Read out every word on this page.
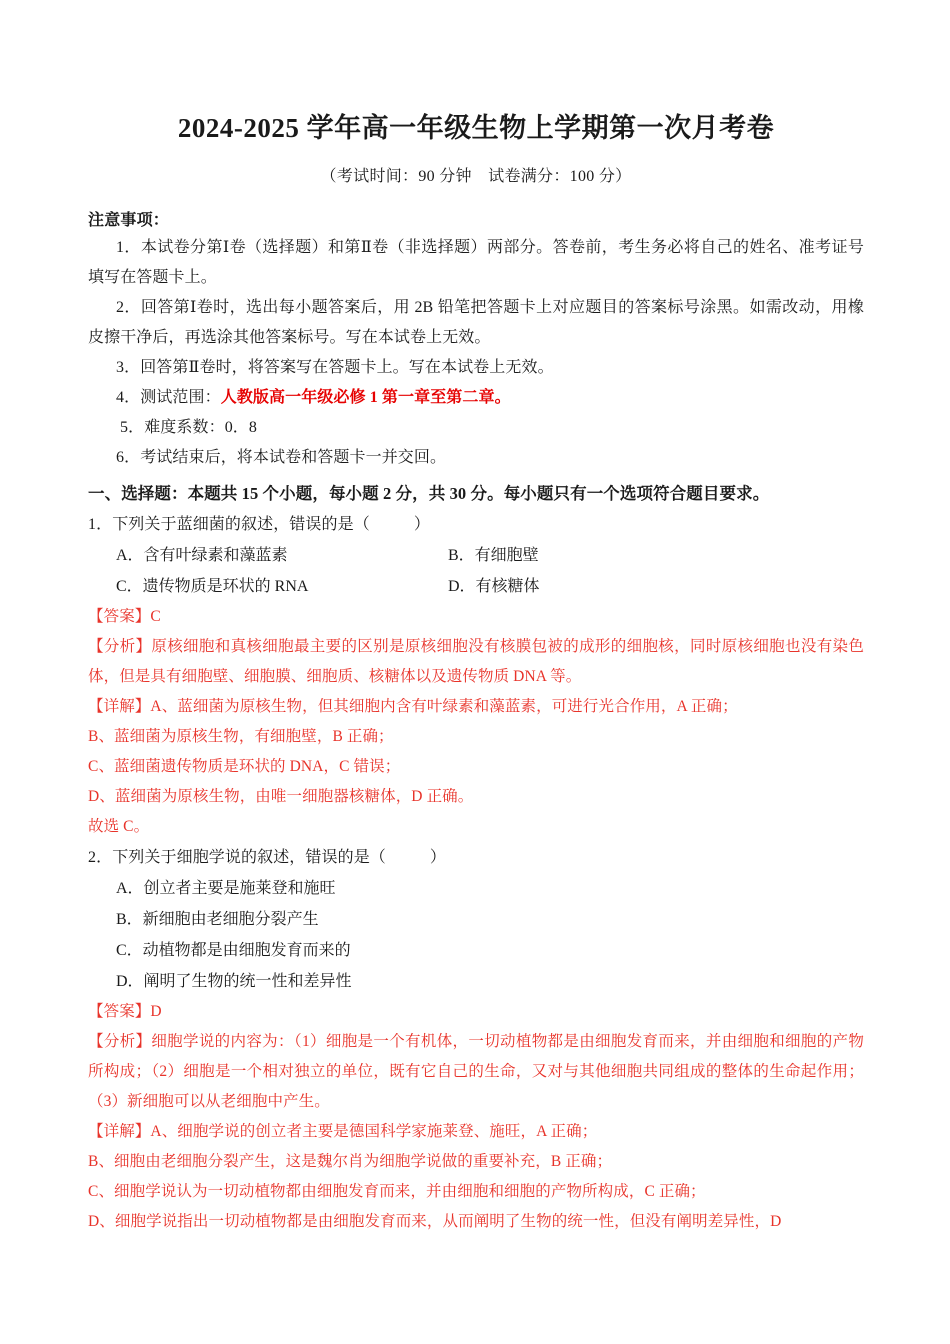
2024-2025 学年高一年级生物上学期第一次月考卷

（考试时间：90 分钟　试卷满分：100 分）

注意事项：

1．本试卷分第Ⅰ卷（选择题）和第Ⅱ卷（非选择题）两部分。答卷前，考生务必将自己的姓名、准考证号填写在答题卡上。

2．回答第Ⅰ卷时，选出每小题答案后，用 2B 铅笔把答题卡上对应题目的答案标号涂黑。如需改动，用橡皮擦干净后，再选涂其他答案标号。写在本试卷上无效。

3．回答第Ⅱ卷时，将答案写在答题卡上。写在本试卷上无效。

4．测试范围：人教版高一年级必修 1 第一章至第二章。

5．难度系数：0．8

6．考试结束后，将本试卷和答题卡一并交回。

一、选择题：本题共 15 个小题，每小题 2 分，共 30 分。每小题只有一个选项符合题目要求。

1．下列关于蓝细菌的叙述，错误的是（	）

A．含有叶绿素和藻蓝素	B．有细胞壁
C．遗传物质是环状的 RNA	D．有核糖体

【答案】C

【分析】原核细胞和真核细胞最主要的区别是原核细胞没有核膜包被的成形的细胞核，同时原核细胞也没有染色体，但是具有细胞壁、细胞膜、细胞质、核糖体以及遗传物质 DNA 等。

【详解】A、蓝细菌为原核生物，但其细胞内含有叶绿素和藻蓝素，可进行光合作用，A 正确；

B、蓝细菌为原核生物，有细胞壁，B 正确；

C、蓝细菌遗传物质是环状的 DNA，C 错误；

D、蓝细菌为原核生物，由唯一细胞器核糖体，D 正确。

故选 C。

2．下列关于细胞学说的叙述，错误的是（	）

A．创立者主要是施莱登和施旺
B．新细胞由老细胞分裂产生
C．动植物都是由细胞发育而来的
D．阐明了生物的统一性和差异性

【答案】D

【分析】细胞学说的内容为：（1）细胞是一个有机体，一切动植物都是由细胞发育而来，并由细胞和细胞的产物所构成；（2）细胞是一个相对独立的单位，既有它自己的生命，又对与其他细胞共同组成的整体的生命起作用；（3）新细胞可以从老细胞中产生。

【详解】A、细胞学说的创立者主要是德国科学家施莱登、施旺，A 正确；

B、细胞由老细胞分裂产生，这是魏尔肖为细胞学说做的重要补充，B 正确；

C、细胞学说认为一切动植物都由细胞发育而来，并由细胞和细胞的产物所构成，C 正确；

D、细胞学说指出一切动植物都是由细胞发育而来，从而阐明了生物的统一性，但没有阐明差异性，D
